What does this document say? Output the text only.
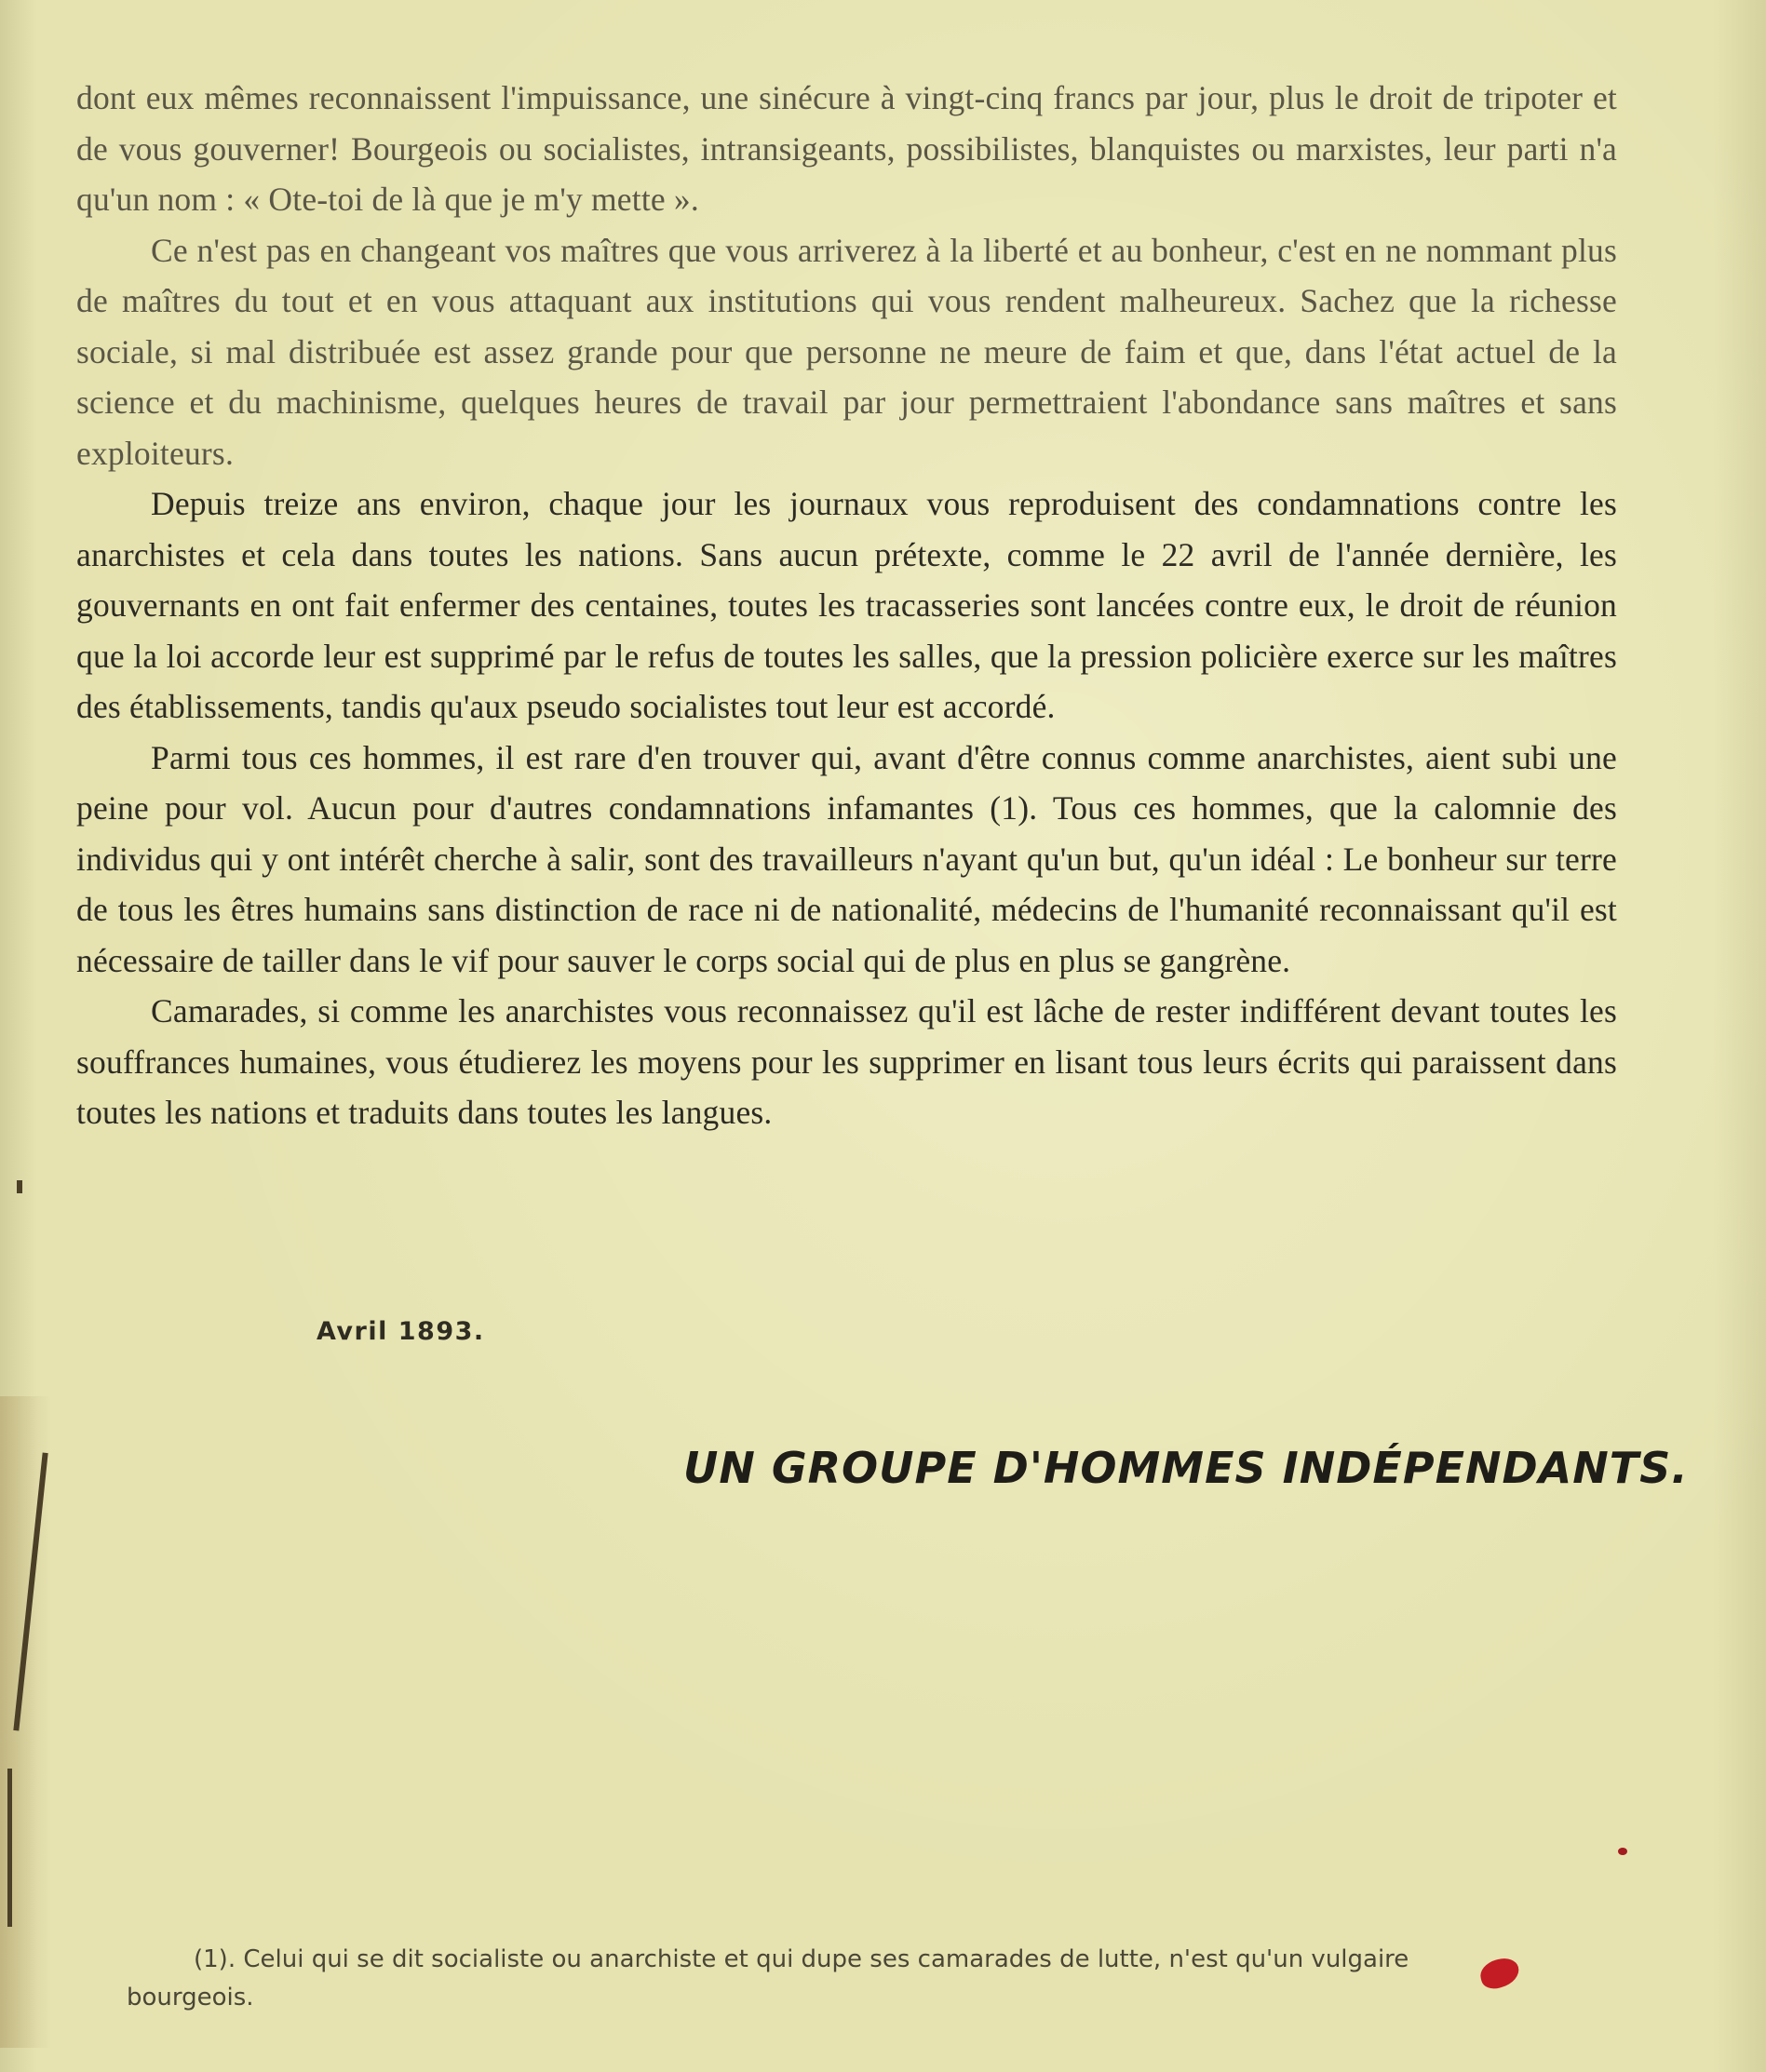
dont eux mêmes reconnaissent l'impuissance, une sinécure à vingt-cinq francs par jour, plus le droit de tripoter et de vous gouverner! Bourgeois ou socialistes, intransigeants, possibilistes, blanquistes ou marxistes, leur parti n'a qu'un nom : « Ote-toi de là que je m'y mette ».

Ce n'est pas en changeant vos maîtres que vous arriverez à la liberté et au bonheur, c'est en ne nommant plus de maîtres du tout et en vous attaquant aux institutions qui vous rendent malheureux. Sachez que la richesse sociale, si mal distribuée est assez grande pour que personne ne meure de faim et que, dans l'état actuel de la science et du machinisme, quelques heures de travail par jour permettraient l'abondance sans maîtres et sans exploiteurs.

Depuis treize ans environ, chaque jour les journaux vous reproduisent des condamnations contre les anarchistes et cela dans toutes les nations. Sans aucun prétexte, comme le 22 avril de l'année dernière, les gouvernants en ont fait enfermer des centaines, toutes les tracasseries sont lancées contre eux, le droit de réunion que la loi accorde leur est supprimé par le refus de toutes les salles, que la pression policière exerce sur les maîtres des établissements, tandis qu'aux pseudo socialistes tout leur est accordé.

Parmi tous ces hommes, il est rare d'en trouver qui, avant d'être connus comme anarchistes, aient subi une peine pour vol. Aucun pour d'autres condamnations infamantes (1). Tous ces hommes, que la calomnie des individus qui y ont intérêt cherche à salir, sont des travailleurs n'ayant qu'un but, qu'un idéal : Le bonheur sur terre de tous les êtres humains sans distinction de race ni de nationalité, médecins de l'humanité reconnaissant qu'il est nécessaire de tailler dans le vif pour sauver le corps social qui de plus en plus se gangrène.

Camarades, si comme les anarchistes vous reconnaissez qu'il est lâche de rester indifférent devant toutes les souffrances humaines, vous étudierez les moyens pour les supprimer en lisant tous leurs écrits qui paraissent dans toutes les nations et traduits dans toutes les langues.

Avril 1893.
UN GROUPE D'HOMMES INDÉPENDANTS.
(1). Celui qui se dit socialiste ou anarchiste et qui dupe ses camarades de lutte, n'est qu'un vulgaire
bourgeois.
